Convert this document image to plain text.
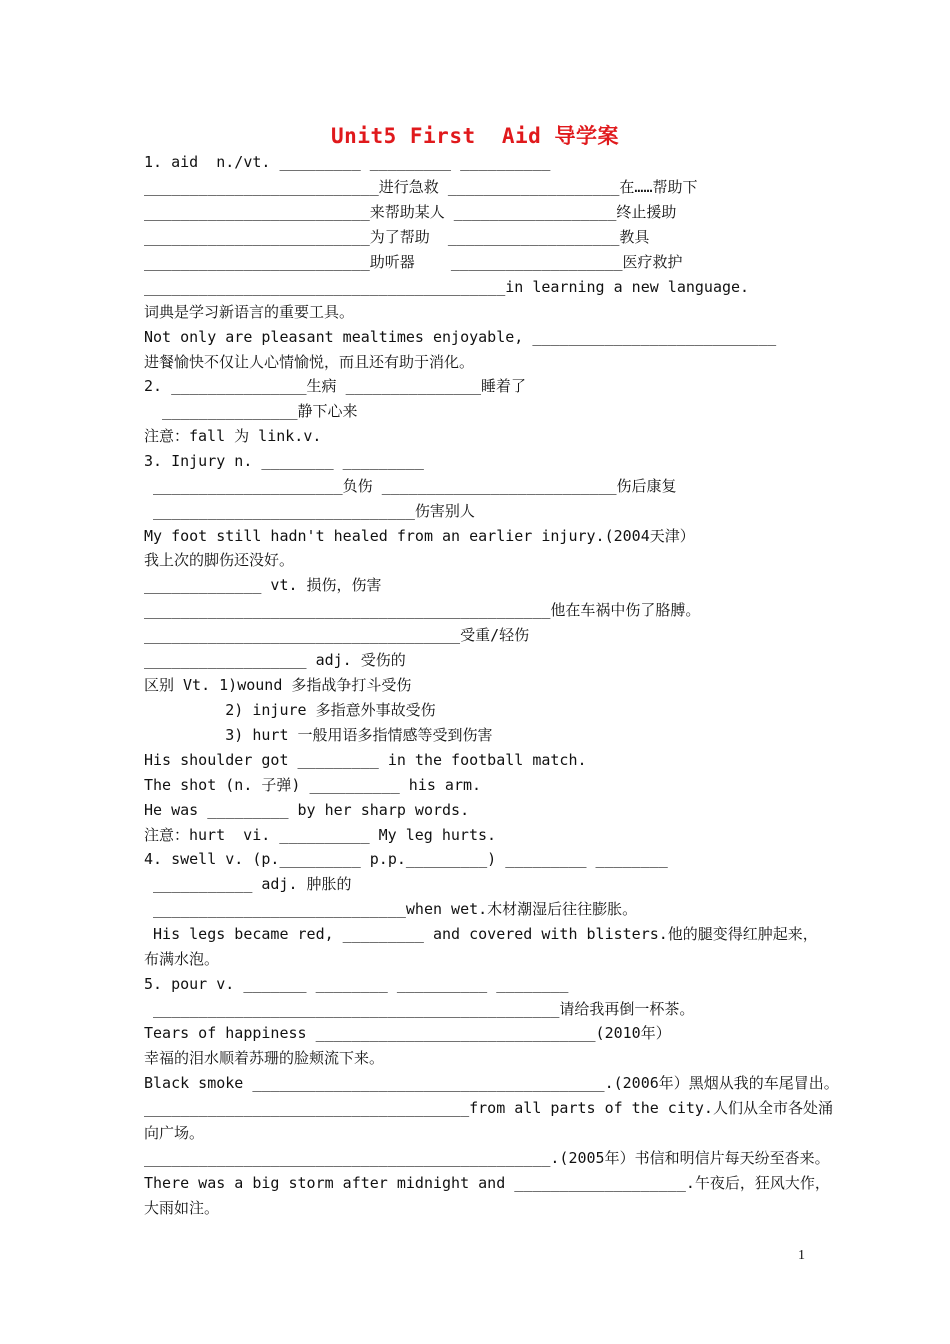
Unit5 First  Aid 导学案
1. aid  n./vt. _________ _________ __________
__________________________进行急救 ___________________在……帮助下
_________________________来帮助某人 __________________终止援助
_________________________为了帮助  ___________________教具
_________________________助听器    ___________________医疗救护
________________________________________in learning a new language.
词典是学习新语言的重要工具。
Not only are pleasant mealtimes enjoyable, ___________________________
进餐愉快不仅让人心情愉悦，而且还有助于消化。
2. _______________生病 _______________睡着了
_______________静下心来
注意：fall 为 link.v.
3. Injury n. ________ _________
_____________________负伤 __________________________伤后康复
_____________________________伤害别人
My foot still hadn't healed from an earlier injury.(2004天津）
我上次的脚伤还没好。
_____________ vt. 损伤，伤害
_____________________________________________他在车祸中伤了胳膊。
___________________________________受重/轻伤
__________________ adj. 受伤的
区别 Vt. 1)wound 多指战争打斗受伤
2) injure 多指意外事故受伤
3) hurt 一般用语多指情感等受到伤害
His shoulder got _________ in the football match.
The shot (n. 子弹) __________ his arm.
He was _________ by her sharp words.
注意：hurt  vi. __________ My leg hurts.
4. swell v. (p._________ p.p._________) _________ ________
___________ adj. 肿胀的
____________________________when wet.木材潮湿后往往膨胀。
His legs became red, _________ and covered with blisters.他的腿变得红肿起来，
布满水泡。
5. pour v. _______ ________ __________ ________
_____________________________________________请给我再倒一杯茶。
Tears of happiness _______________________________(2010年）
幸福的泪水顺着苏珊的脸颊流下来。
Black smoke _______________________________________.(2006年）黑烟从我的车尾冒出。
____________________________________from all parts of the city.人们从全市各处涌
向广场。
_____________________________________________.(2005年）书信和明信片每天纷至沓来。
There was a big storm after midnight and ___________________.午夜后，狂风大作，
大雨如注。
1
